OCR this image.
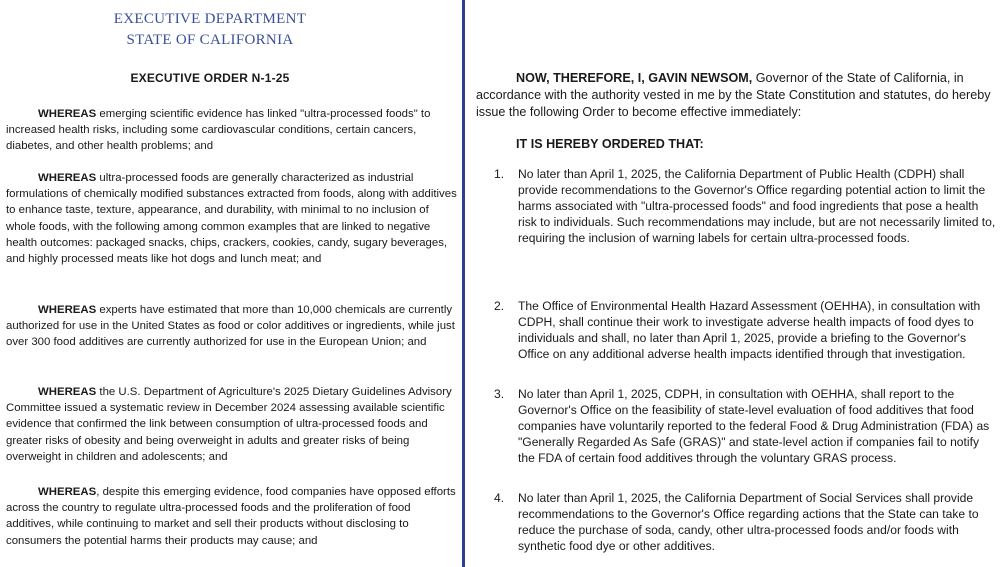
EXECUTIVE DEPARTMENT
STATE OF CALIFORNIA
EXECUTIVE ORDER N-1-25

WHEREAS emerging scientific evidence has linked "ultra-processed foods" to increased health risks, including some cardiovascular conditions, certain cancers, diabetes, and other health problems; and

WHEREAS ultra-processed foods are generally characterized as industrial formulations of chemically modified substances extracted from foods, along with additives to enhance taste, texture, appearance, and durability, with minimal to no inclusion of whole foods, with the following among common examples that are linked to negative health outcomes: packaged snacks, chips, crackers, cookies, candy, sugary beverages, and highly processed meats like hot dogs and lunch meat; and

WHEREAS experts have estimated that more than 10,000 chemicals are currently authorized for use in the United States as food or color additives or ingredients, while just over 300 food additives are currently authorized for use in the European Union; and

WHEREAS the U.S. Department of Agriculture's 2025 Dietary Guidelines Advisory Committee issued a systematic review in December 2024 assessing available scientific evidence that confirmed the link between consumption of ultra-processed foods and greater risks of obesity and being overweight in adults and greater risks of being overweight in children and adolescents; and

WHEREAS, despite this emerging evidence, food companies have opposed efforts across the country to regulate ultra-processed foods and the proliferation of food additives, while continuing to market and sell their products without disclosing to consumers the potential harms their products may cause; and

NOW, THEREFORE, I, GAVIN NEWSOM, Governor of the State of California, in accordance with the authority vested in me by the State Constitution and statutes, do hereby issue the following Order to become effective immediately:
IT IS HEREBY ORDERED THAT:
1.	No later than April 1, 2025, the California Department of Public Health (CDPH) shall provide recommendations to the Governor's Office regarding potential action to limit the harms associated with "ultra-processed foods" and food ingredients that pose a health risk to individuals. Such recommendations may include, but are not necessarily limited to, requiring the inclusion of warning labels for certain ultra-processed foods.
2.	The Office of Environmental Health Hazard Assessment (OEHHA), in consultation with CDPH, shall continue their work to investigate adverse health impacts of food dyes to individuals and shall, no later than April 1, 2025, provide a briefing to the Governor's Office on any additional adverse health impacts identified through that investigation.
3.	No later than April 1, 2025, CDPH, in consultation with OEHHA, shall report to the Governor's Office on the feasibility of state-level evaluation of food additives that food companies have voluntarily reported to the federal Food & Drug Administration (FDA) as "Generally Regarded As Safe (GRAS)" and state-level action if companies fail to notify the FDA of certain food additives through the voluntary GRAS process.
4.	No later than April 1, 2025, the California Department of Social Services shall provide recommendations to the Governor's Office regarding actions that the State can take to reduce the purchase of soda, candy, other ultra-processed foods and/or foods with synthetic food dye or other additives.
